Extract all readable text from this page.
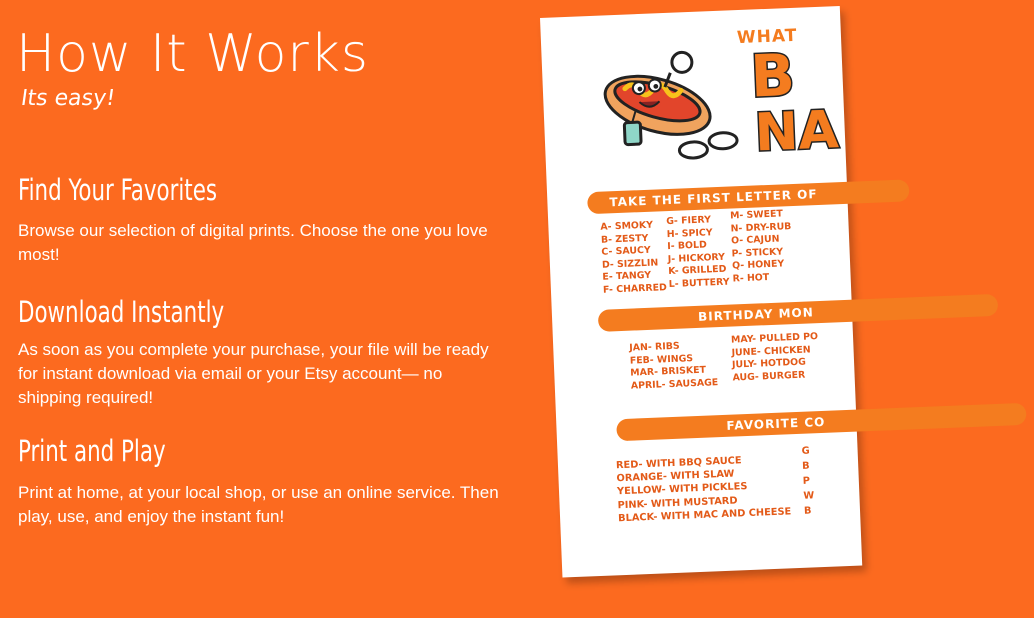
How It Works
Its easy!
Find Your Favorites
Browse our selection of digital prints. Choose the one you love most!
Download Instantly
As soon as you complete your purchase, your file will be ready for instant download via email or your Etsy account— no shipping required!
Print and Play
Print at home, at your local shop, or use an online service. Then play, use, and enjoy the instant fun!
WHAT
B
NA
TAKE THE FIRST LETTER OF
A- SMOKY
B- ZESTY
C- SAUCY
D- SIZZLIN
E- TANGY
F- CHARRED
G- FIERY
H- SPICY
I- BOLD
J- HICKORY
K- GRILLED
L- BUTTERY
M- SWEET
N- DRY-RUB
O- CAJUN
P- STICKY
Q- HONEY
R- HOT
BIRTHDAY MON
JAN- RIBS
FEB- WINGS
MAR- BRISKET
APRIL- SAUSAGE
MAY- PULLED PO
JUNE- CHICKEN
JULY- HOTDOG
AUG- BURGER
FAVORITE CO
RED- WITH BBQ SAUCE
ORANGE- WITH SLAW
YELLOW- WITH PICKLES
PINK- WITH MUSTARD
BLACK- WITH MAC AND CHEESE
G
B
P
W
B
